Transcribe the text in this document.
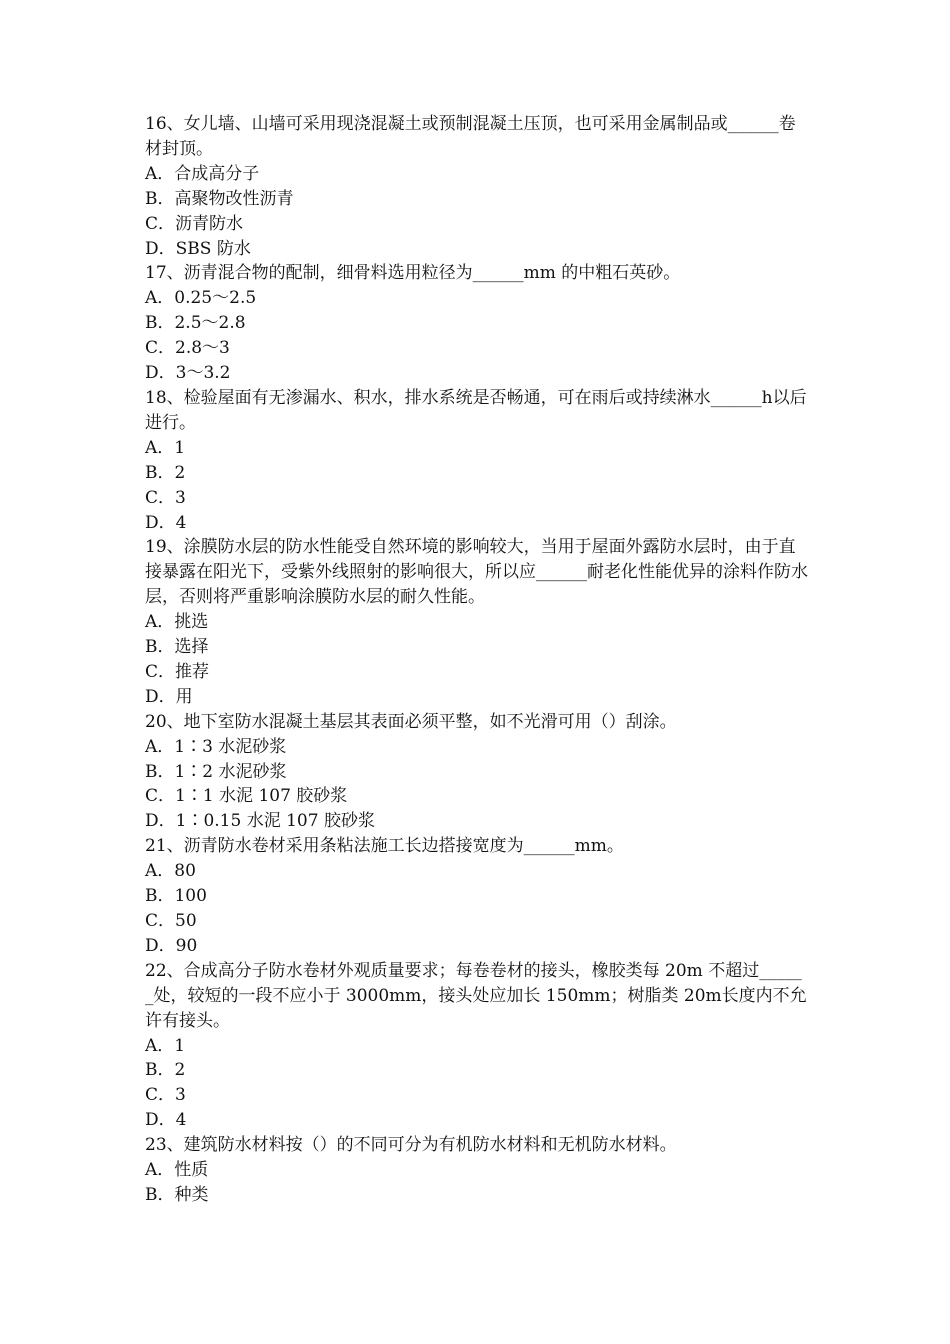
16、女儿墙、山墙可采用现浇混凝土或预制混凝土压顶，也可采用金属制品或______卷材封顶。

A．合成高分子

B．高聚物改性沥青

C．沥青防水

D．SBS 防水

17、沥青混合物的配制，细骨料选用粒径为______mm 的中粗石英砂。

A．0.25～2.5

B．2.5～2.8

C．2.8～3

D．3～3.2

18、检验屋面有无渗漏水、积水，排水系统是否畅通，可在雨后或持续淋水______h以后进行。

A．1

B．2

C．3

D．4

19、涂膜防水层的防水性能受自然环境的影响较大，当用于屋面外露防水层时，由于直接暴露在阳光下，受紫外线照射的影响很大，所以应______耐老化性能优异的涂料作防水层，否则将严重影响涂膜防水层的耐久性能。

A．挑选

B．选择

C．推荐

D．用

20、地下室防水混凝土基层其表面必须平整，如不光滑可用（）刮涂。

A．1∶3 水泥砂浆

B．1∶2 水泥砂浆

C．1∶1 水泥 107 胶砂浆

D．1∶0.15 水泥 107 胶砂浆

21、沥青防水卷材采用条粘法施工长边搭接宽度为______mm。

A．80

B．100

C．50

D．90

22、合成高分子防水卷材外观质量要求；每卷卷材的接头，橡胶类每 20m 不超过______处，较短的一段不应小于 3000mm，接头处应加长 150mm；树脂类 20m长度内不允许有接头。

A．1

B．2

C．3

D．4

23、建筑防水材料按（）的不同可分为有机防水材料和无机防水材料。

A．性质

B．种类
